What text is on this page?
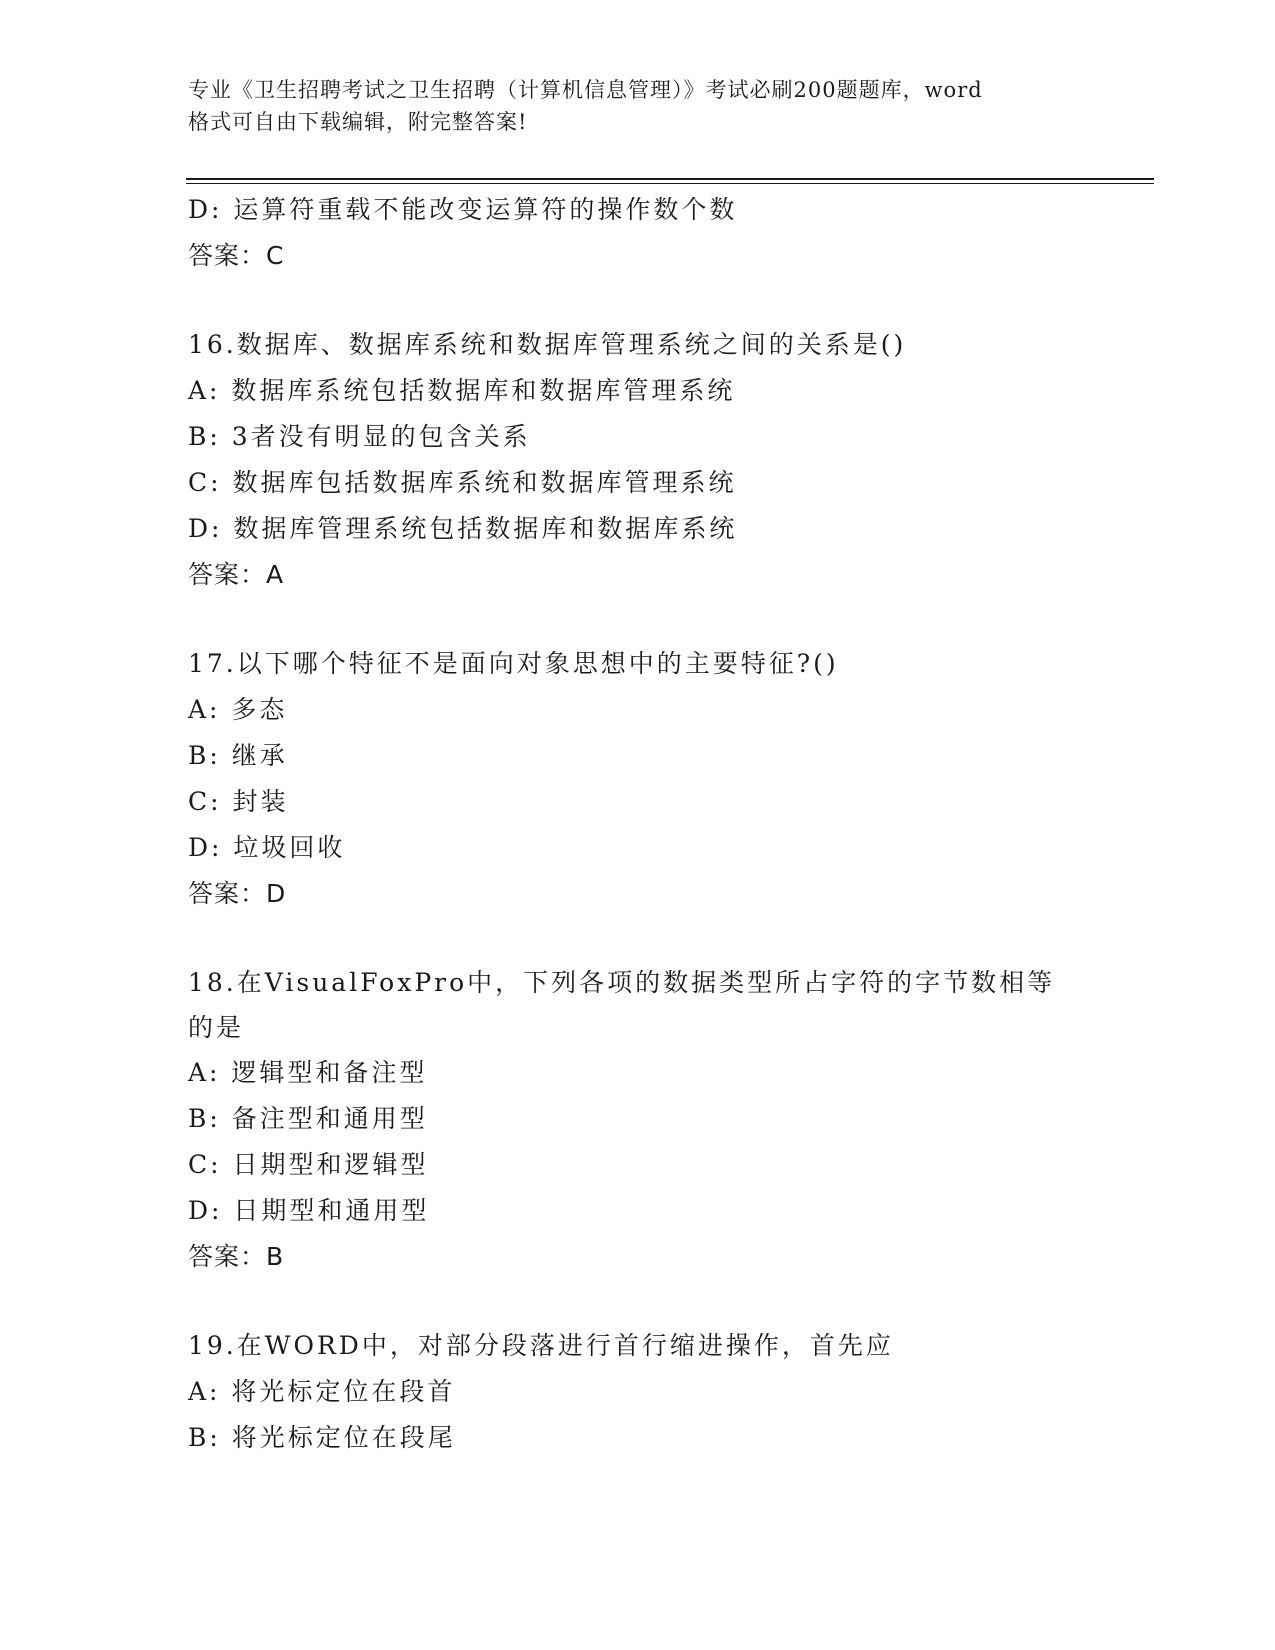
专业《卫生招聘考试之卫生招聘（计算机信息管理）》考试必刷200题题库，word
格式可自由下载编辑，附完整答案!
D: 运算符重载不能改变运算符的操作数个数
答案：C
16.数据库、数据库系统和数据库管理系统之间的关系是()
A: 数据库系统包括数据库和数据库管理系统
B: 3者没有明显的包含关系
C: 数据库包括数据库系统和数据库管理系统
D: 数据库管理系统包括数据库和数据库系统
答案：A
17.以下哪个特征不是面向对象思想中的主要特征?()
A: 多态
B: 继承
C: 封装
D: 垃圾回收
答案：D
18.在VisualFoxPro中，下列各项的数据类型所占字符的字节数相等的是
A: 逻辑型和备注型
B: 备注型和通用型
C: 日期型和逻辑型
D: 日期型和通用型
答案：B
19.在WORD中，对部分段落进行首行缩进操作，首先应
A: 将光标定位在段首
B: 将光标定位在段尾
